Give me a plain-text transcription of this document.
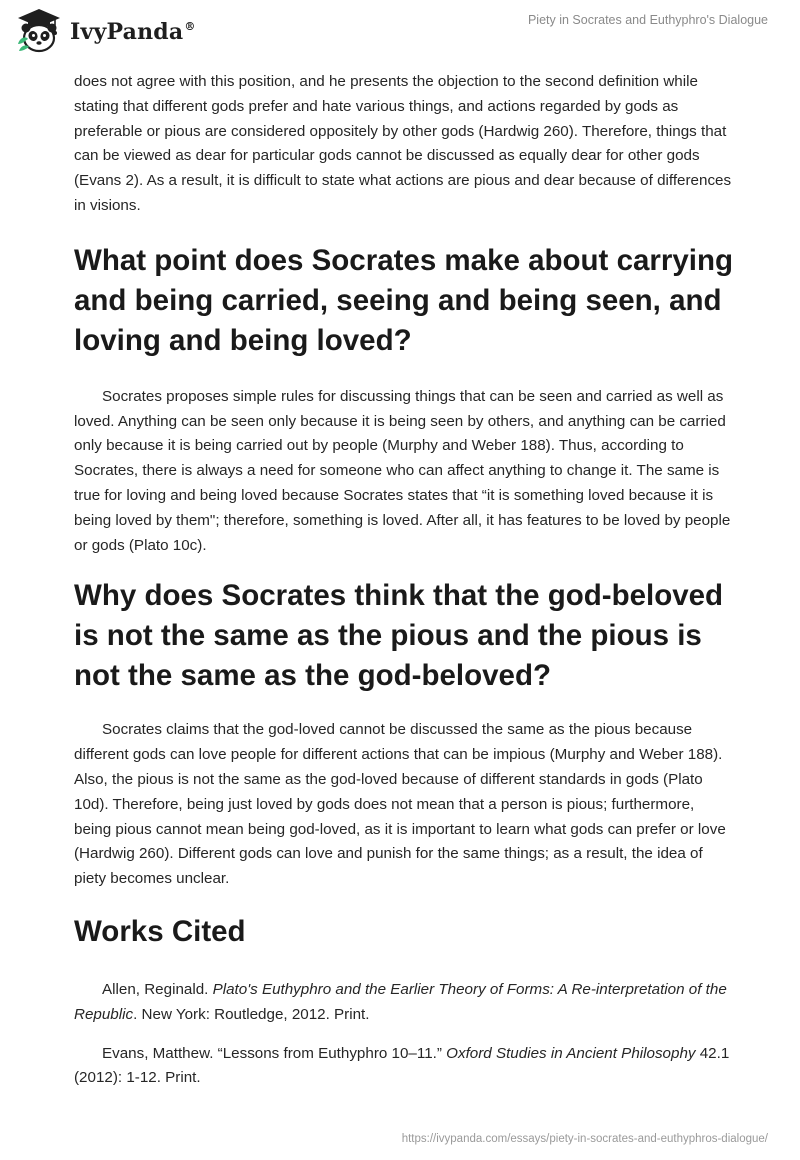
IvyPanda®	Piety in Socrates and Euthyphro's Dialogue

does not agree with this position, and he presents the objection to the second definition while stating that different gods prefer and hate various things, and actions regarded by gods as preferable or pious are considered oppositely by other gods (Hardwig 260). Therefore, things that can be viewed as dear for particular gods cannot be discussed as equally dear for other gods (Evans 2). As a result, it is difficult to state what actions are pious and dear because of differences in visions.

What point does Socrates make about carrying and being carried, seeing and being seen, and loving and being loved?

Socrates proposes simple rules for discussing things that can be seen and carried as well as loved. Anything can be seen only because it is being seen by others, and anything can be carried only because it is being carried out by people (Murphy and Weber 188). Thus, according to Socrates, there is always a need for someone who can affect anything to change it. The same is true for loving and being loved because Socrates states that “it is something loved because it is being loved by them"; therefore, something is loved. After all, it has features to be loved by people or gods (Plato 10c).

Why does Socrates think that the god-beloved is not the same as the pious and the pious is not the same as the god-beloved?

Socrates claims that the god-loved cannot be discussed the same as the pious because different gods can love people for different actions that can be impious (Murphy and Weber 188). Also, the pious is not the same as the god-loved because of different standards in gods (Plato 10d). Therefore, being just loved by gods does not mean that a person is pious; furthermore, being pious cannot mean being god-loved, as it is important to learn what gods can prefer or love (Hardwig 260). Different gods can love and punish for the same things; as a result, the idea of piety becomes unclear.

Works Cited

Allen, Reginald. Plato's Euthyphro and the Earlier Theory of Forms: A Re-interpretation of the Republic. New York: Routledge, 2012. Print.

Evans, Matthew. “Lessons from Euthyphro 10–11.” Oxford Studies in Ancient Philosophy 42.1 (2012): 1-12. Print.

https://ivypanda.com/essays/piety-in-socrates-and-euthyphros-dialogue/
